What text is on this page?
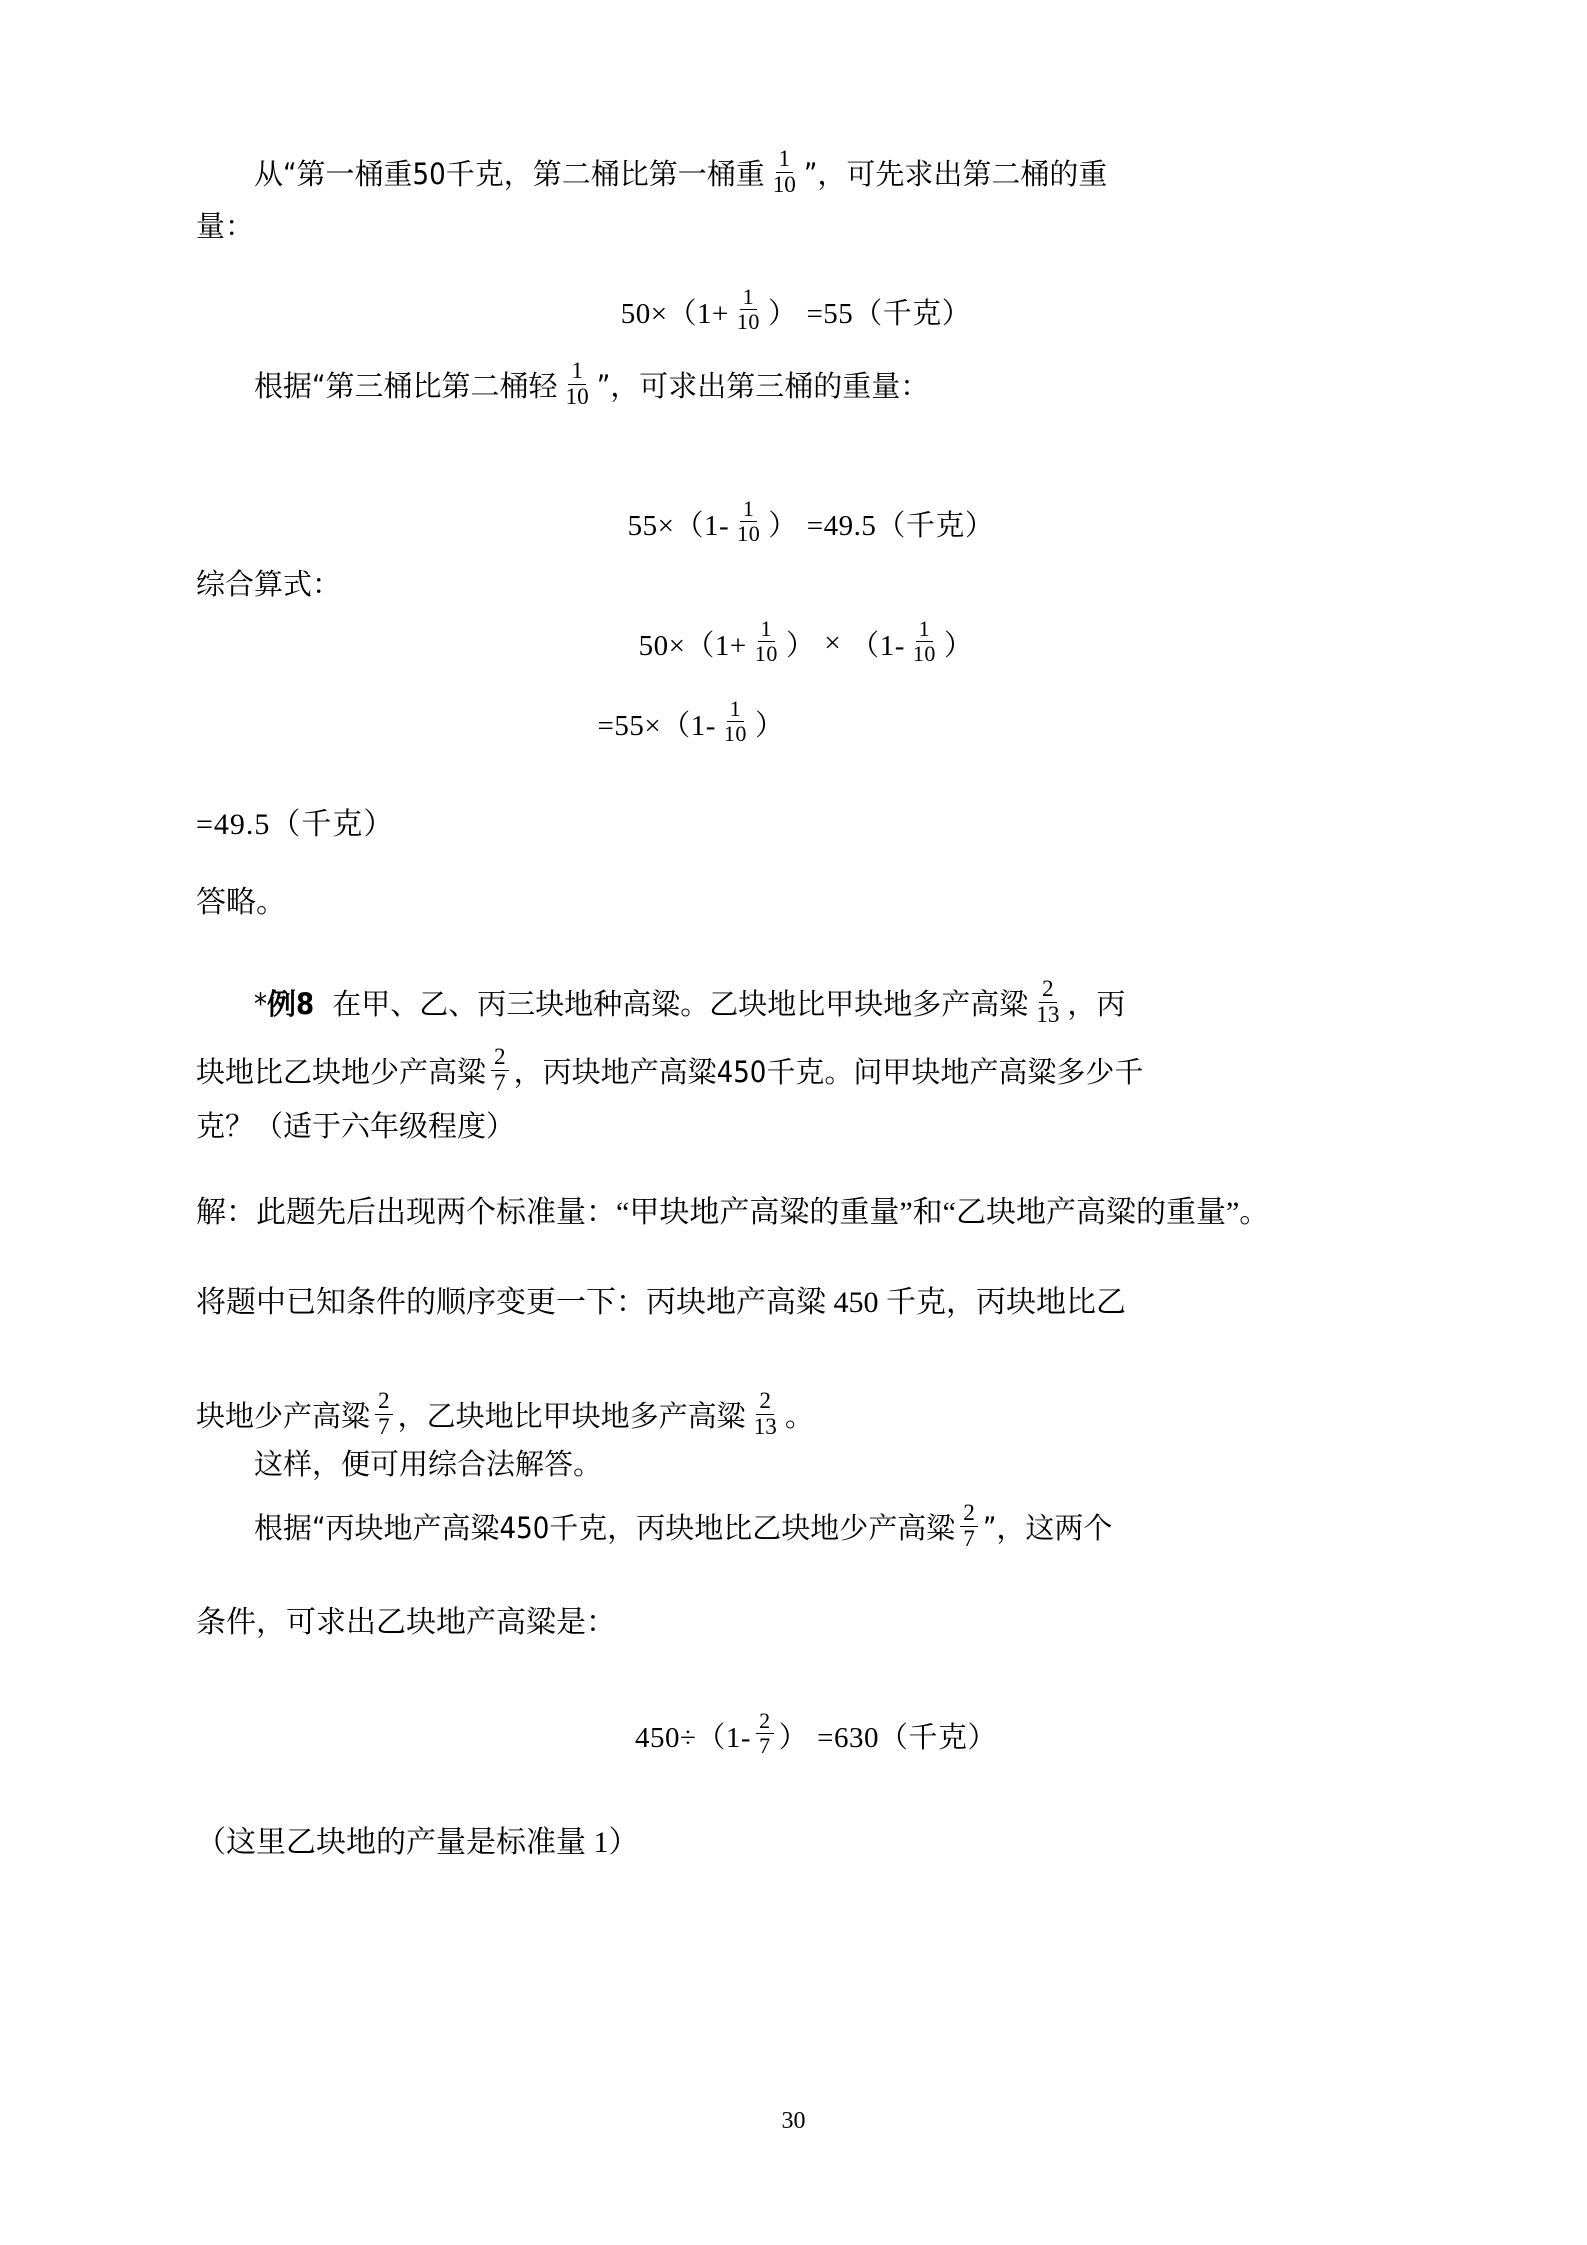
从“第一桶重50千克，第二桶比第一桶重 $\frac{1}{10}$ ”，可先求出第二桶的重
量：
$50\times(1+ \frac{1}{10}$ ） =55（千克）
根据“第三桶比第二桶轻 $\frac{1}{10}$ ”，可求出第三桶的重量：
$55\times(1- \frac{1}{10}$ ） =49.5（千克）
综合算式：
$50\times(1+ \frac{1}{10}$ ） × （$1- \frac{1}{10}$ ）
$=55\times(1- \frac{1}{10}$ ）
=49.5（千克）
答略。
* 例8 在甲、乙、丙三块地种高粱。乙块地比甲块地多产高粱 $\frac{2}{13}$ ，丙
块地比乙块地少产高粱 $\frac{2}{7}$ ，丙块地产高粱450千克。问甲块地产高粱多少千
克？（适于六年级程度）
解：此题先后出现两个标准量：“甲块地产高粱的重量”和“乙块地产高粱的重量”。
将题中已知条件的顺序变更一下：丙块地产高粱 450 千克，丙块地比乙
块地少产高粱 $\frac{2}{7}$ ，乙块地比甲块地多产高粱 $\frac{2}{13}$ 。
这样，便可用综合法解答。
根据“丙块地产高粱450千克，丙块地比乙块地少产高粱 $\frac{2}{7}$ ”，这两个
条件，可求出乙块地产高粱是：
$450\div(1- \frac{2}{7}$ ） =630（千克）
（这里乙块地的产量是标准量 1）
30
